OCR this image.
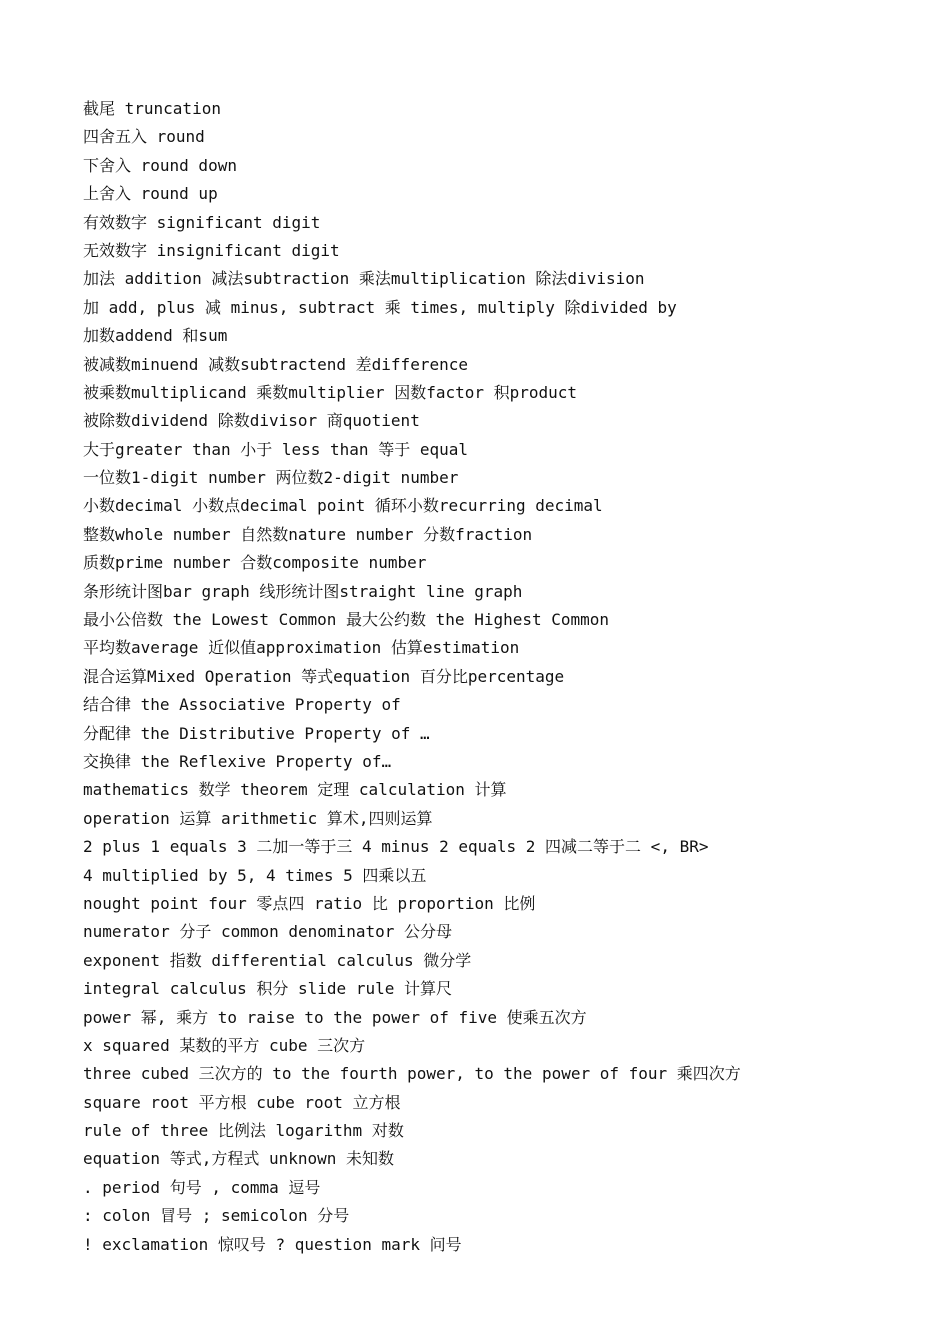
截尾 truncation
四舍五入 round
下舍入 round down
上舍入 round up
有效数字 significant digit
无效数字 insignificant digit
加法 addition 减法subtraction 乘法multiplication 除法division
加 add, plus 减 minus, subtract 乘 times, multiply 除divided by
加数addend 和sum
被减数minuend 减数subtractend 差difference
被乘数multiplicand 乘数multiplier 因数factor 积product
被除数dividend 除数divisor 商quotient
大于greater than 小于 less than 等于 equal
一位数1-digit number 两位数2-digit number
小数decimal 小数点decimal point 循环小数recurring decimal
整数whole number 自然数nature number 分数fraction
质数prime number 合数composite number
条形统计图bar graph 线形统计图straight line graph
最小公倍数 the Lowest Common 最大公约数 the Highest Common
平均数average 近似值approximation 估算estimation
混合运算Mixed Operation 等式equation 百分比percentage
结合律 the Associative Property of
分配律 the Distributive Property of …
交换律 the Reflexive Property of…
mathematics 数学 theorem 定理 calculation 计算
operation 运算 arithmetic 算术,四则运算
2 plus 1 equals 3 二加一等于三 4 minus 2 equals 2 四减二等于二 <, BR>
4 multiplied by 5, 4 times 5 四乘以五
nought point four 零点四 ratio 比 proportion 比例
numerator 分子 common denominator 公分母
exponent 指数 differential calculus 微分学
integral calculus 积分 slide rule 计算尺
power 幂, 乘方 to raise to the power of five 使乘五次方
x squared 某数的平方 cube 三次方
three cubed 三次方的 to the fourth power, to the power of four 乘四次方
square root 平方根 cube root 立方根
rule of three 比例法 logarithm 对数
equation 等式,方程式 unknown 未知数
. period 句号 , comma 逗号
: colon 冒号 ; semicolon 分号
! exclamation 惊叹号 ? question mark 问号
